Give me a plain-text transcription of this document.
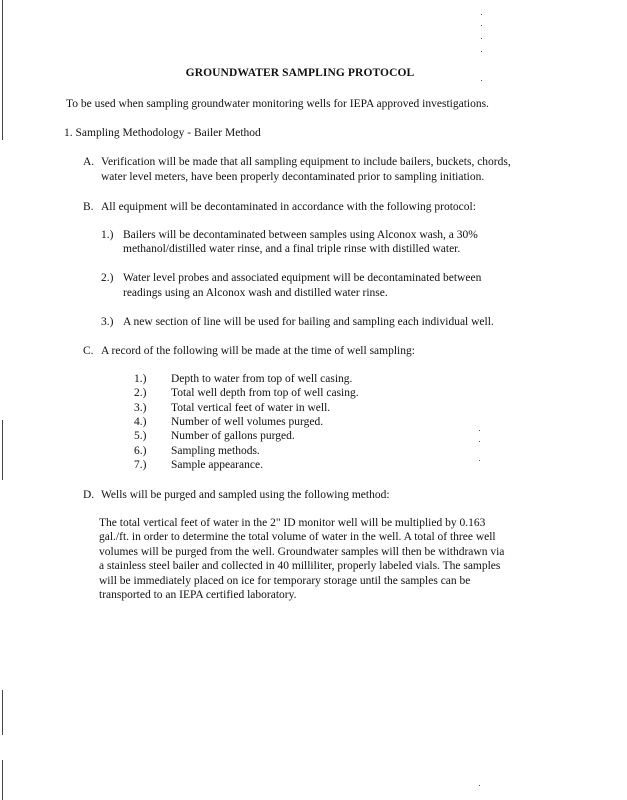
GROUNDWATER SAMPLING PROTOCOL
To be used when sampling groundwater monitoring wells for IEPA approved investigations.
1. Sampling Methodology - Bailer Method
A. Verification will be made that all sampling equipment to include bailers, buckets, chords,
water level meters, have been properly decontaminated prior to sampling initiation.
B. All equipment will be decontaminated in accordance with the following protocol:
1.) Bailers will be decontaminated between samples using Alconox wash, a 30%
methanol/distilled water rinse, and a final triple rinse with distilled water.
2.) Water level probes and associated equipment will be decontaminated between
readings using an Alconox wash and distilled water rinse.
3.) A new section of line will be used for bailing and sampling each individual well.
C. A record of the following will be made at the time of well sampling:
1.) Depth to water from top of well casing.
2.) Total well depth from top of well casing.
3.) Total vertical feet of water in well.
4.) Number of well volumes purged.
5.) Number of gallons purged.
6.) Sampling methods.
7.) Sample appearance.
D. Wells will be purged and sampled using the following method:
The total vertical feet of water in the 2" ID monitor well will be multiplied by 0.163
gal./ft. in order to determine the total volume of water in the well. A total of three well
volumes will be purged from the well. Groundwater samples will then be withdrawn via
a stainless steel bailer and collected in 40 milliliter, properly labeled vials. The samples
will be immediately placed on ice for temporary storage until the samples can be
transported to an IEPA certified laboratory.
